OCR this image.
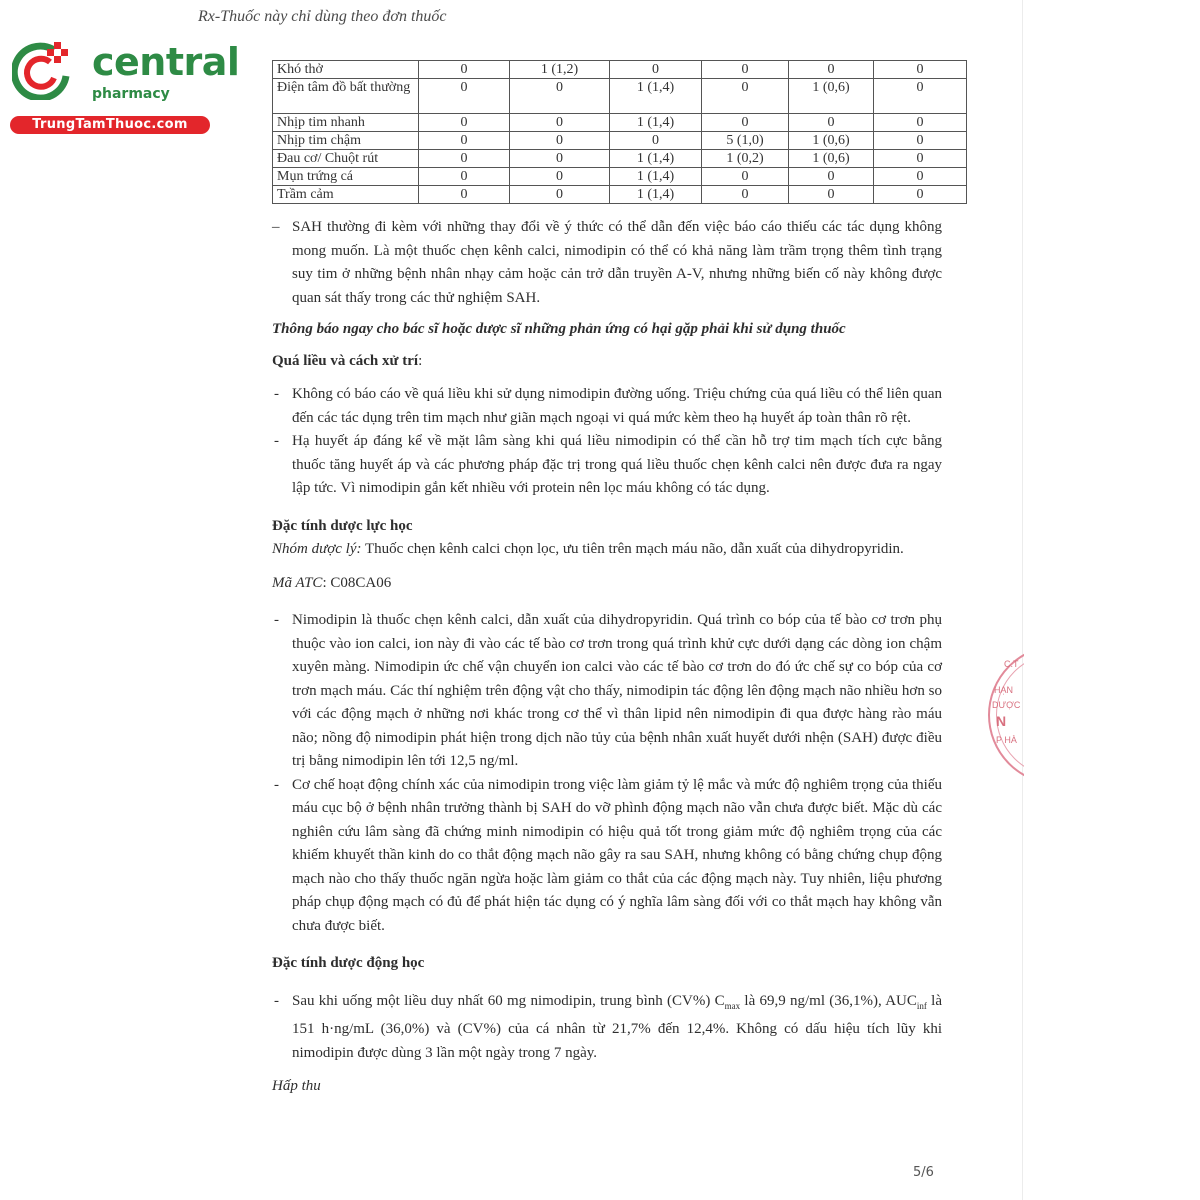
Rx-Thuốc này chỉ dùng theo đơn thuốc
central
pharmacy
TrungTamThuoc.com
Khó thở	0	1 (1,2)	0	0	0	0
Điện tâm đồ bất thường	0	0	1 (1,4)	0	1 (0,6)	0
Nhịp tim nhanh	0	0	1 (1,4)	0	0	0
Nhịp tim chậm	0	0	0	5 (1,0)	1 (0,6)	0
Đau cơ/ Chuột rút	0	0	1 (1,4)	1 (0,2)	1 (0,6)	0
Mụn trứng cá	0	0	1 (1,4)	0	0	0
Trầm cảm	0	0	1 (1,4)	0	0	0
– SAH thường đi kèm với những thay đổi về ý thức có thể dẫn đến việc báo cáo thiếu các tác dụng không mong muốn. Là một thuốc chẹn kênh calci, nimodipin có thể có khả năng làm trầm trọng thêm tình trạng suy tim ở những bệnh nhân nhạy cảm hoặc cản trở dẫn truyền A-V, nhưng những biến cố này không được quan sát thấy trong các thử nghiệm SAH.
Thông báo ngay cho bác sĩ hoặc dược sĩ những phản ứng có hại gặp phải khi sử dụng thuốc
Quá liều và cách xử trí:
- Không có báo cáo về quá liều khi sử dụng nimodipin đường uống. Triệu chứng của quá liều có thể liên quan đến các tác dụng trên tim mạch như giãn mạch ngoại vi quá mức kèm theo hạ huyết áp toàn thân rõ rệt.
- Hạ huyết áp đáng kể về mặt lâm sàng khi quá liều nimodipin có thể cần hỗ trợ tim mạch tích cực bằng thuốc tăng huyết áp và các phương pháp đặc trị trong quá liều thuốc chẹn kênh calci nên được đưa ra ngay lập tức. Vì nimodipin gắn kết nhiều với protein nên lọc máu không có tác dụng.
Đặc tính dược lực học
Nhóm dược lý: Thuốc chẹn kênh calci chọn lọc, ưu tiên trên mạch máu não, dẫn xuất của dihydropyridin.
Mã ATC: C08CA06
- Nimodipin là thuốc chẹn kênh calci, dẫn xuất của dihydropyridin. Quá trình co bóp của tế bào cơ trơn phụ thuộc vào ion calci, ion này đi vào các tế bào cơ trơn trong quá trình khử cực dưới dạng các dòng ion chậm xuyên màng. Nimodipin ức chế vận chuyển ion calci vào các tế bào cơ trơn do đó ức chế sự co bóp của cơ trơn mạch máu. Các thí nghiệm trên động vật cho thấy, nimodipin tác động lên động mạch não nhiều hơn so với các động mạch ở những nơi khác trong cơ thể vì thân lipid nên nimodipin đi qua được hàng rào máu não; nồng độ nimodipin phát hiện trong dịch não tủy của bệnh nhân xuất huyết dưới nhện (SAH) được điều trị bằng nimodipin lên tới 12,5 ng/ml.
- Cơ chế hoạt động chính xác của nimodipin trong việc làm giảm tỷ lệ mắc và mức độ nghiêm trọng của thiếu máu cục bộ ở bệnh nhân trưởng thành bị SAH do vỡ phình động mạch não vẫn chưa được biết. Mặc dù các nghiên cứu lâm sàng đã chứng minh nimodipin có hiệu quả tốt trong giảm mức độ nghiêm trọng của các khiếm khuyết thần kinh do co thắt động mạch não gây ra sau SAH, nhưng không có bằng chứng chụp động mạch nào cho thấy thuốc ngăn ngừa hoặc làm giảm co thắt của các động mạch này. Tuy nhiên, liệu phương pháp chụp động mạch có đủ để phát hiện tác dụng có ý nghĩa lâm sàng đối với co thắt mạch hay không vẫn chưa được biết.
Đặc tính dược động học
- Sau khi uống một liều duy nhất 60 mg nimodipin, trung bình (CV%) $C_{max}$ là 69,9 ng/ml (36,1%), $AUC_{inf}$ là 151 h·ng/mL (36,0%) và (CV%) của cá nhân từ 21,7% đến 12,4%. Không có dấu hiệu tích lũy khi nimodipin được dùng 3 lần một ngày trong 7 ngày.
Hấp thu
C.T
HẠN
DƯỢC
N
P HÀ
5/6
